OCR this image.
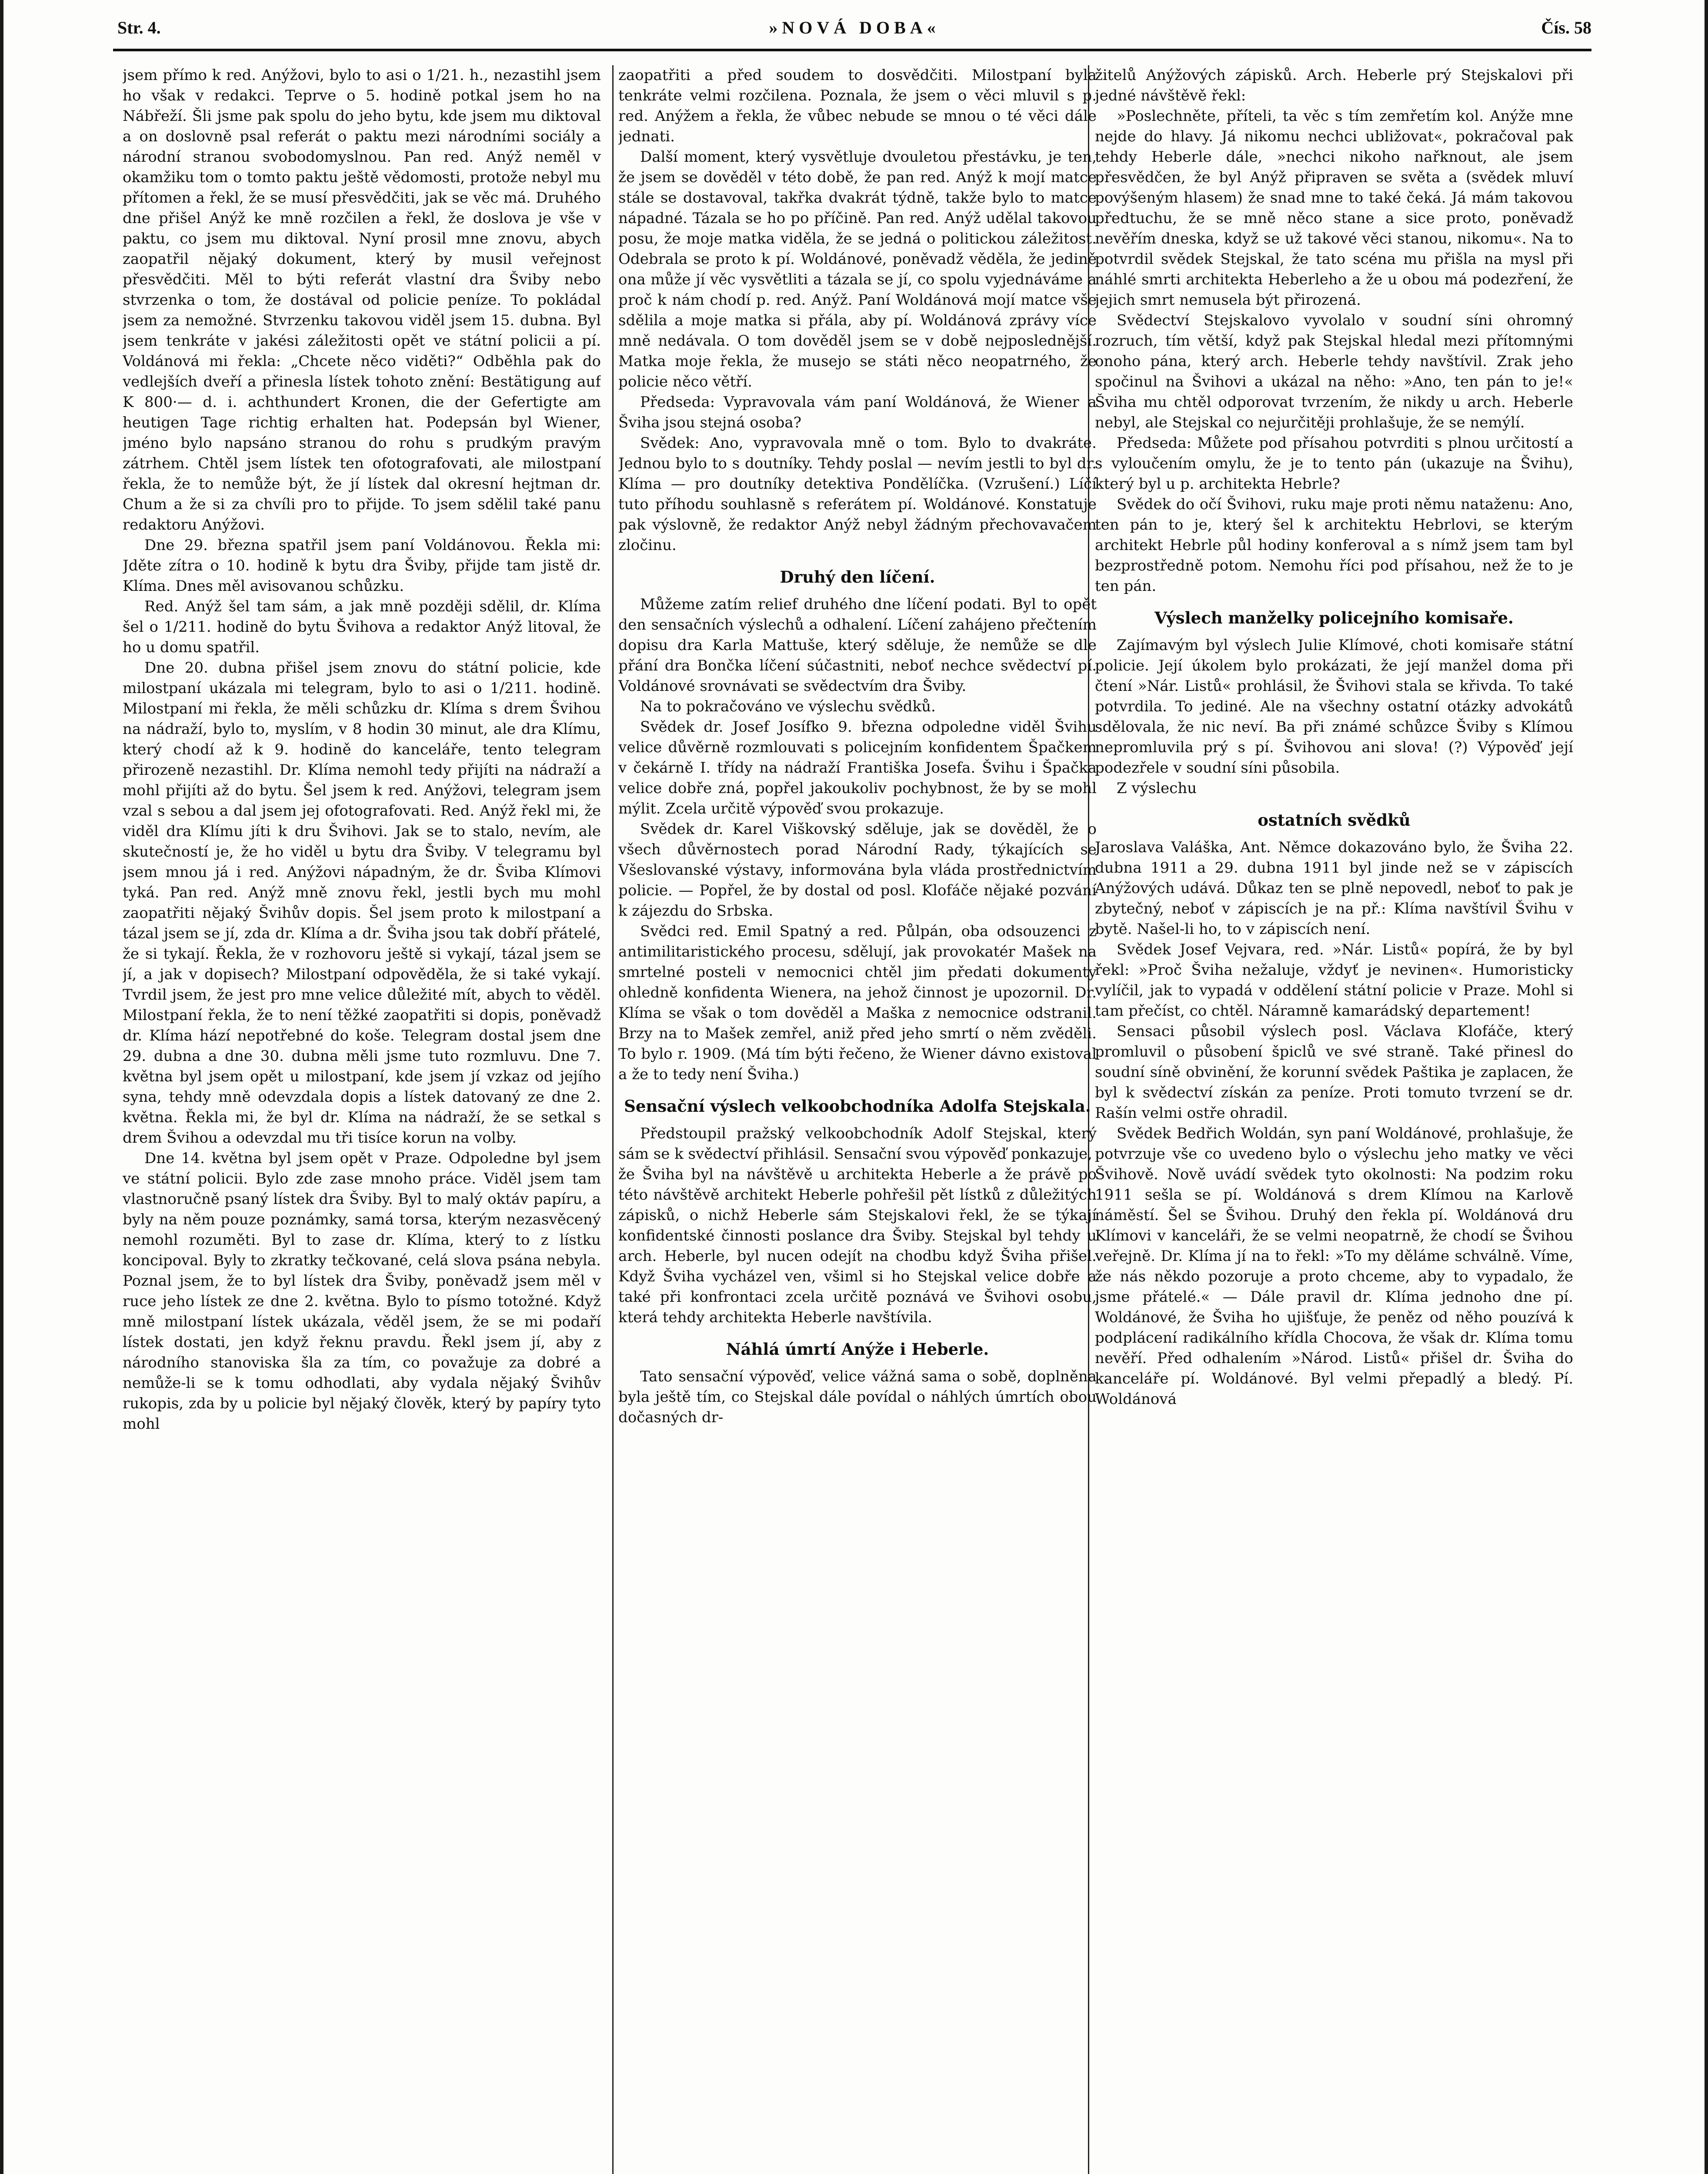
Str. 4.	»NOVÁ DOBA«	Čís. 58

jsem přímo k red. Anýžovi, bylo to asi o 1/21. h., nezastihl jsem ho však v redakci. Teprve o 5. hodině potkal jsem ho na Nábřeží. Šli jsme pak spolu do jeho bytu, kde jsem mu diktoval a on doslovně psal referát o paktu mezi národními sociály a národní stranou svobodomyslnou. Pan red. Anýž neměl v okamžiku tom o tomto paktu ještě vědomosti, protože nebyl mu přítomen a řekl, že se musí přesvědčiti, jak se věc má. Druhého dne přišel Anýž ke mně rozčilen a řekl, že doslova je vše v paktu, co jsem mu diktoval. Nyní prosil mne znovu, abych zaopatřil nějaký dokument, který by musil veřejnost přesvědčiti. Měl to býti referát vlastní dra Šviby nebo stvrzenka o tom, že dostával od policie peníze. To pokládal jsem za nemožné. Stvrzenku takovou viděl jsem 15. dubna. Byl jsem tenkráte v jakési záležitosti opět ve státní policii a pí. Voldánová mi řekla: „Chcete něco viděti?“ Odběhla pak do vedlejších dveří a přinesla lístek tohoto znění: Bestätigung auf K 800·— d. i. achthundert Kronen, die der Gefertigte am heutigen Tage richtig erhalten hat. Podepsán byl Wiener, jméno bylo napsáno stranou do rohu s prudkým pravým zátrhem. Chtěl jsem lístek ten ofotografovati, ale milostpaní řekla, že to nemůže být, že jí lístek dal okresní hejtman dr. Chum a že si za chvíli pro to přijde. To jsem sdělil také panu redaktoru Anýžovi.

Dne 29. března spatřil jsem paní Voldánovou. Řekla mi: Jděte zítra o 10. hodině k bytu dra Šviby, přijde tam jistě dr. Klíma. Dnes měl avisovanou schůzku.

Red. Anýž šel tam sám, a jak mně později sdělil, dr. Klíma šel o 1/211. hodině do bytu Švihova a redaktor Anýž litoval, že ho u domu spatřil.

Dne 20. dubna přišel jsem znovu do státní policie, kde milostpaní ukázala mi telegram, bylo to asi o 1/211. hodině. Milostpaní mi řekla, že měli schůzku dr. Klíma s drem Švihou na nádraží, bylo to, myslím, v 8 hodin 30 minut, ale dra Klímu, který chodí až k 9. hodině do kanceláře, tento telegram přirozeně nezastihl. Dr. Klíma nemohl tedy přijíti na nádraží a mohl přijíti až do bytu. Šel jsem k red. Anýžovi, telegram jsem vzal s sebou a dal jsem jej ofotografovati. Red. Anýž řekl mi, že viděl dra Klímu jíti k dru Švihovi. Jak se to stalo, nevím, ale skutečností je, že ho viděl u bytu dra Šviby. V telegramu byl jsem mnou já i red. Anýžovi nápadným, že dr. Šviba Klímovi tyká. Pan red. Anýž mně znovu řekl, jestli bych mu mohl zaopatřiti nějaký Švihův dopis. Šel jsem proto k milostpaní a tázal jsem se jí, zda dr. Klíma a dr. Šviha jsou tak dobří přátelé, že si tykají. Řekla, že v rozhovoru ještě si vykají, tázal jsem se jí, a jak v dopisech? Milostpaní odpověděla, že si také vykají. Tvrdil jsem, že jest pro mne velice důležité mít, abych to věděl. Milostpaní řekla, že to není těžké zaopatřiti si dopis, poněvadž dr. Klíma hází nepotřebné do koše. Telegram dostal jsem dne 29. dubna a dne 30. dubna měli jsme tuto rozmluvu. Dne 7. května byl jsem opět u milostpaní, kde jsem jí vzkaz od jejího syna, tehdy mně odevzdala dopis a lístek datovaný ze dne 2. května. Řekla mi, že byl dr. Klíma na nádraží, že se setkal s drem Švihou a odevzdal mu tři tisíce korun na volby.

Dne 14. května byl jsem opět v Praze. Odpoledne byl jsem ve státní policii. Bylo zde zase mnoho práce. Viděl jsem tam vlastnoručně psaný lístek dra Šviby. Byl to malý oktáv papíru, a byly na něm pouze poznámky, samá torsa, kterým nezasvěcený nemohl rozuměti. Byl to zase dr. Klíma, který to z lístku koncipoval. Byly to zkratky tečkované, celá slova psána nebyla. Poznal jsem, že to byl lístek dra Šviby, poněvadž jsem měl v ruce jeho lístek ze dne 2. května. Bylo to písmo totožné. Když mně milostpaní lístek ukázala, věděl jsem, že se mi podaří lístek dostati, jen když řeknu pravdu. Řekl jsem jí, aby z národního stanoviska šla za tím, co považuje za dobré a nemůže-li se k tomu odhodlati, aby vydala nějaký Švihův rukopis, zda by u policie byl nějaký člověk, který by papíry tyto mohl

zaopatřiti a před soudem to dosvědčiti. Milostpaní byla tenkráte velmi rozčilena. Poznala, že jsem o věci mluvil s p. red. Anýžem a řekla, že vůbec nebude se mnou o té věci dále jednati.

Další moment, který vysvětluje dvouletou přestávku, je ten, že jsem se dověděl v této době, že pan red. Anýž k mojí matce stále se dostavoval, takřka dvakrát týdně, takže bylo to matce nápadné. Tázala se ho po příčině. Pan red. Anýž udělal takovou posu, že moje matka viděla, že se jedná o politickou záležitost. Odebrala se proto k pí. Woldánové, poněvadž věděla, že jedině ona může jí věc vysvětliti a tázala se jí, co spolu vyjednáváme a proč k nám chodí p. red. Anýž. Paní Woldánová mojí matce vše sdělila a moje matka si přála, aby pí. Woldánová zprávy více mně nedávala. O tom dověděl jsem se v době nejposlednější. Matka moje řekla, že musejo se státi něco neopatrného, že policie něco větří.

Předseda: Vypravovala vám paní Woldánová, že Wiener a Šviha jsou stejná osoba?

Svědek: Ano, vypravovala mně o tom. Bylo to dvakráte. Jednou bylo to s doutníky. Tehdy poslal — nevím jestli to byl dr. Klíma — pro doutníky detektiva Pondělíčka. (Vzrušení.) Líčí tuto příhodu souhlasně s referátem pí. Woldánové. Konstatuje pak výslovně, že redaktor Anýž nebyl žádným přechovavačem zločinu.

Druhý den líčení.

Můžeme zatím relief druhého dne líčení podati. Byl to opět den sensačních výslechů a odhalení. Líčení zahájeno přečtením dopisu dra Karla Mattuše, který sděluje, že nemůže se dle přání dra Bončka líčení súčastniti, neboť nechce svědectví pí. Voldánové srovnávati se svědectvím dra Šviby.

Na to pokračováno ve výslechu svědků.

Svědek dr. Josef Josífko 9. března odpoledne viděl Švihu velice důvěrně rozmlouvati s policejním konfidentem Špačkem v čekárně I. třídy na nádraží Františka Josefa. Švihu i Špačka velice dobře zná, popřel jakoukoliv pochybnost, že by se mohl mýlit. Zcela určitě výpověď svou prokazuje.

Svědek dr. Karel Viškovský sděluje, jak se dověděl, že o všech důvěrnostech porad Národní Rady, týkajících se Všeslovanské výstavy, informována byla vláda prostřednictvím policie. — Popřel, že by dostal od posl. Klofáče nějaké pozvání k zájezdu do Srbska.

Svědci red. Emil Spatný a red. Půlpán, oba odsouzenci z antimilitaristického procesu, sdělují, jak provokatér Mašek na smrtelné posteli v nemocnici chtěl jim předati dokumenty ohledně konfidenta Wienera, na jehož činnost je upozornil. Dr. Klíma se však o tom dověděl a Maška z nemocnice odstranil. Brzy na to Mašek zemřel, aniž před jeho smrtí o něm zvěděli. To bylo r. 1909. (Má tím býti řečeno, že Wiener dávno existoval a že to tedy není Šviha.)

Sensační výslech velkoobchodníka Adolfa Stejskala.

Předstoupil pražský velkoobchodník Adolf Stejskal, který sám se k svědectví přihlásil. Sensační svou výpověď ponkazuje,

že Šviha byl na návštěvě u architekta Heberle a že právě po této návštěvě architekt Heberle pohřešil pět lístků z důležitých zápisků, o nichž Heberle sám Stejskalovi řekl, že se týkají konfidentské činnosti poslance dra Šviby. Stejskal byl tehdy u arch. Heberle, byl nucen odejít na chodbu když Šviha přišel. Když Šviha vycházel ven, všiml si ho Stejskal velice dobře a také při konfrontaci zcela určitě poznává ve Švihovi osobu, která tehdy architekta Heberle navštívila.

Náhlá úmrtí Anýže i Heberle.

Tato sensační výpověď, velice vážná sama o sobě, doplněna byla ještě tím, co Stejskal dále povídal o náhlých úmrtích obou dočasných dr-

žitelů Anýžových zápisků. Arch. Heberle prý Stejskalovi při jedné návštěvě řekl:

»Poslechněte, příteli, ta věc s tím zemřetím kol. Anýže mne nejde do hlavy. Já nikomu nechci ubližovat«, pokračoval pak tehdy Heberle dále, »nechci nikoho nařknout, ale jsem přesvědčen, že byl Anýž připraven se světa a (svědek mluví povýšeným hlasem) že snad mne to také čeká. Já mám takovou předtuchu, že se mně něco stane a sice proto, poněvadž nevěřím dneska, když se už takové věci stanou, nikomu«. Na to potvrdil svědek Stejskal, že tato scéna mu přišla na mysl při náhlé smrti architekta Heberleho a že u obou má podezření, že jejich smrt nemusela být přirozená.

Svědectví Stejskalovo vyvolalo v soudní síni ohromný rozruch, tím větší, když pak Stejskal hledal mezi přítomnými onoho pána, který arch. Heberle tehdy navštívil. Zrak jeho spočinul na Švihovi a ukázal na něho: »Ano, ten pán to je!« Šviha mu chtěl odporovat tvrzením, že nikdy u arch. Heberle nebyl, ale Stejskal co nejurčitěji prohlašuje, že se nemýlí.

Předseda: Můžete pod přísahou potvrditi s plnou určitostí a s vyloučením omylu, že je to tento pán (ukazuje na Švihu), který byl u p. architekta Hebrle?

Svědek do očí Švihovi, ruku maje proti němu nataženu: Ano, ten pán to je, který šel k architektu Hebrlovi, se kterým architekt Hebrle půl hodiny konferoval a s nímž jsem tam byl bezprostředně potom. Nemohu říci pod přísahou, než že to je ten pán.

Výslech manželky policejního komisaře.

Zajímavým byl výslech Julie Klímové, choti komisaře státní policie. Její úkolem bylo prokázati, že její manžel doma při čtení »Nár. Listů« prohlásil, že Švihovi stala se křivda. To také potvrdila. To jediné. Ale na všechny ostatní otázky advokátů sdělovala, že nic neví. Ba při známé schůzce Šviby s Klímou nepromluvila prý s pí. Švihovou ani slova! (?) Výpověď její podezřele v soudní síni působila.

Z výslechu

ostatních svědků

Jaroslava Valáška, Ant. Němce dokazováno bylo, že Šviha 22. dubna 1911 a 29. dubna 1911 byl jinde než se v zápiscích Anýžových udává. Důkaz ten se plně nepovedl, neboť to pak je zbytečný, neboť v zápiscích je na př.: Klíma navštívil Švihu v bytě. Našel-li ho, to v zápiscích není.

Svědek Josef Vejvara, red. »Nár. Listů« popírá, že by byl řekl: »Proč Šviha nežaluje, vždyť je nevinen«. Humoristicky vylíčil, jak to vypadá v oddělení státní policie v Praze. Mohl si tam přečíst, co chtěl. Náramně kamarádský departement!

Sensaci působil výslech posl. Václava Klofáče, který promluvil o působení špiclů ve své straně. Také přinesl do soudní síně obvinění, že korunní svědek Paštika je zaplacen, že byl k svědectví získán za peníze. Proti tomuto tvrzení se dr. Rašín velmi ostře ohradil.

Svědek Bedřich Woldán, syn paní Woldánové, prohlašuje, že potvrzuje vše co uvedeno bylo o výslechu jeho matky ve věci Švihově. Nově uvádí svědek tyto okolnosti: Na podzim roku 1911 sešla se pí. Woldánová s drem Klímou na Karlově náměstí. Šel se Švihou. Druhý den řekla pí. Woldánová dru Klímovi v kanceláři, že se velmi neopatrně, že chodí se Švihou veřejně. Dr. Klíma jí na to řekl: »To my děláme schválně. Víme, že nás někdo pozoruje a proto chceme, aby to vypadalo, že jsme přátelé.« — Dále pravil dr. Klíma jednoho dne pí. Woldánové, že Šviha ho ujišťuje, že peněz od něho pouzívá k podplácení radikálního křídla Chocova, že však dr. Klíma tomu nevěří. Před odhalením »Národ. Listů« přišel dr. Šviha do kanceláře pí. Woldánové. Byl velmi přepadlý a bledý. Pí. Woldánová
